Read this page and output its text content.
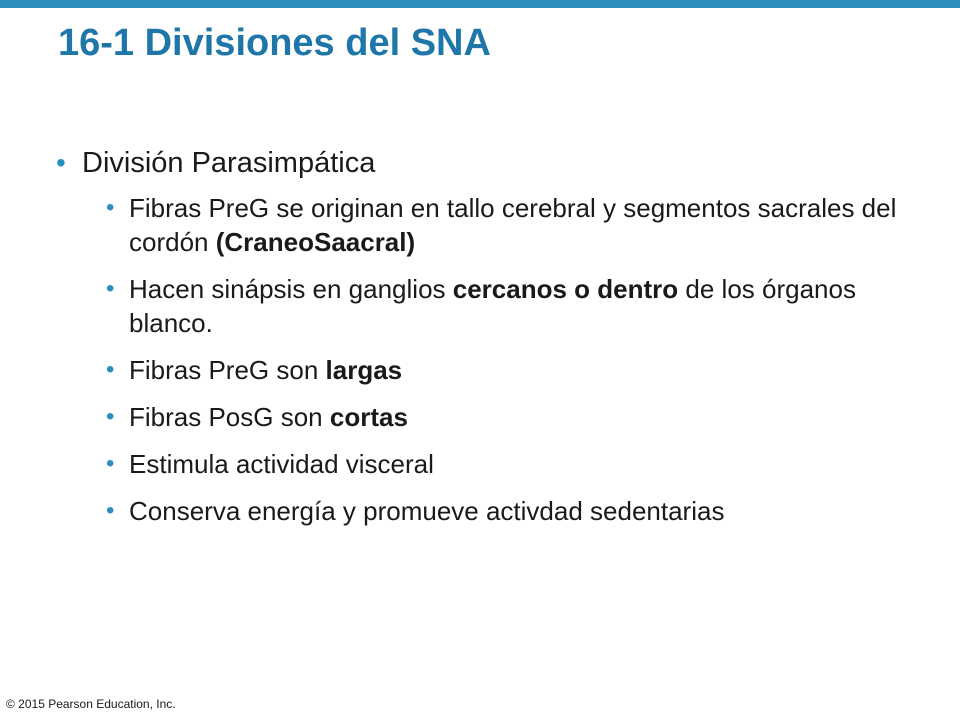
16-1 Divisiones del SNA
• División Parasimpática
• Fibras PreG se originan en tallo cerebral y segmentos sacrales del cordón (CraneoSaacral)
• Hacen sinápsis en ganglios cercanos o dentro de los órganos blanco.
• Fibras PreG son largas
• Fibras PosG son cortas
• Estimula actividad visceral
• Conserva energía y promueve activdad sedentarias
© 2015 Pearson Education, Inc.
